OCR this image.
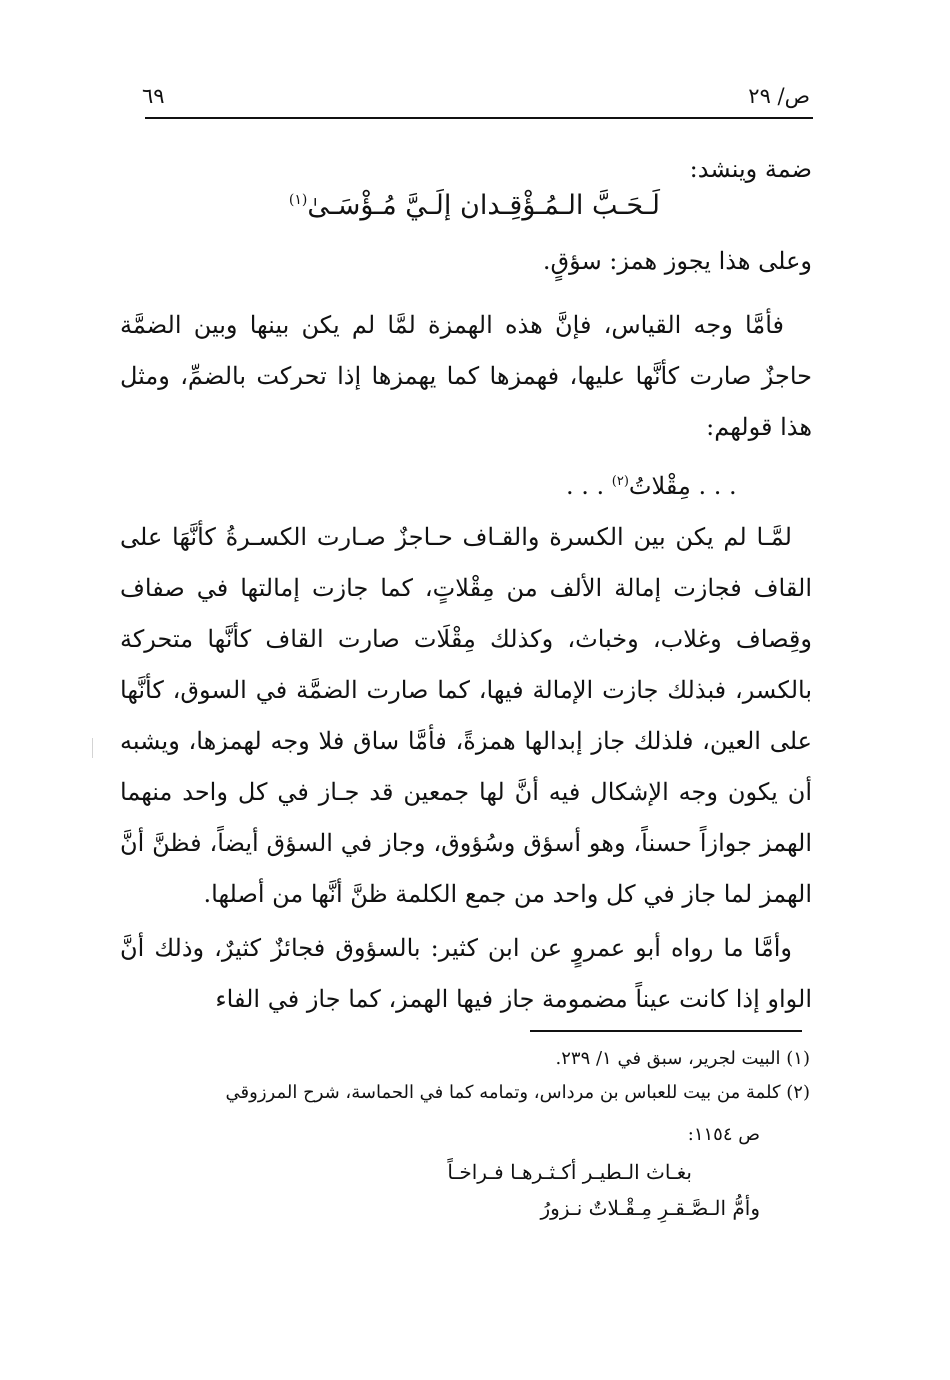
ص/ ٢٩
٦٩
ضمة وينشد:
لَـحَـبَّ الـمُـؤْقِـدان إلَـيَّ مُـؤْسَـىٰ$^{(١)}$
وعلى هذا يجوز همز: سؤقٍ.
فأمَّا وجه القياس، فإنَّ هذه الهمزة لمَّا لم يكن بينها وبين الضمَّة حاجزٌ صارت كأنَّها عليها، فهمزها كما يهمزها إذا تحركت بالضمِّ، ومثل هذا قولهم:
. . . مِقْلاتُ$^{(٢)}$ . . .
لمَّـا لم يكن بين الكسرة والقـاف حـاجزٌ صـارت الكسـرةُ كأنَّهَا على القاف فجازت إمالة الألف من مِقْلاتٍ، كما جازت إمالتها في صفاف وقِصاف وغلاب، وخباث، وكذلك مِقْلَات صارت القاف كأنَّها متحركة بالكسر، فبذلك جازت الإمالة فيها، كما صارت الضمَّة في السوق، كأنَّها على العين، فلذلك جاز إبدالها همزةً، فأمَّا ساق فلا وجه لهمزها، ويشبه أن يكون وجه الإشكال فيه أنَّ لها جمعين قد جـاز في كل واحد منهما الهمز جوازاً حسناً، وهو أسؤق وسُؤوق، وجاز في السؤق أيضاً، فظنَّ أنَّ الهمز لما جاز في كل واحد من جمع الكلمة ظنَّ أنَّها من أصلها.
وأمَّا ما رواه أبو عمروٍ عن ابن كثير: بالسؤوق فجائزٌ كثيرٌ، وذلك أنَّ الواو إذا كانت عيناً مضمومة جاز فيها الهمز، كما جاز في الفاء
(١) البيت لجرير، سبق في ١/ ٢٣٩.
(٢) كلمة من بيت للعباس بن مرداس، وتمامه كما في الحماسة، شرح المرزوقي
ص ١١٥٤:
بغـاث الـطيـر أكـثـرهـا فـراخـاً
وأمُّ الـصَّـقـرِ مِـقْـلاتٌ نـزورُ
